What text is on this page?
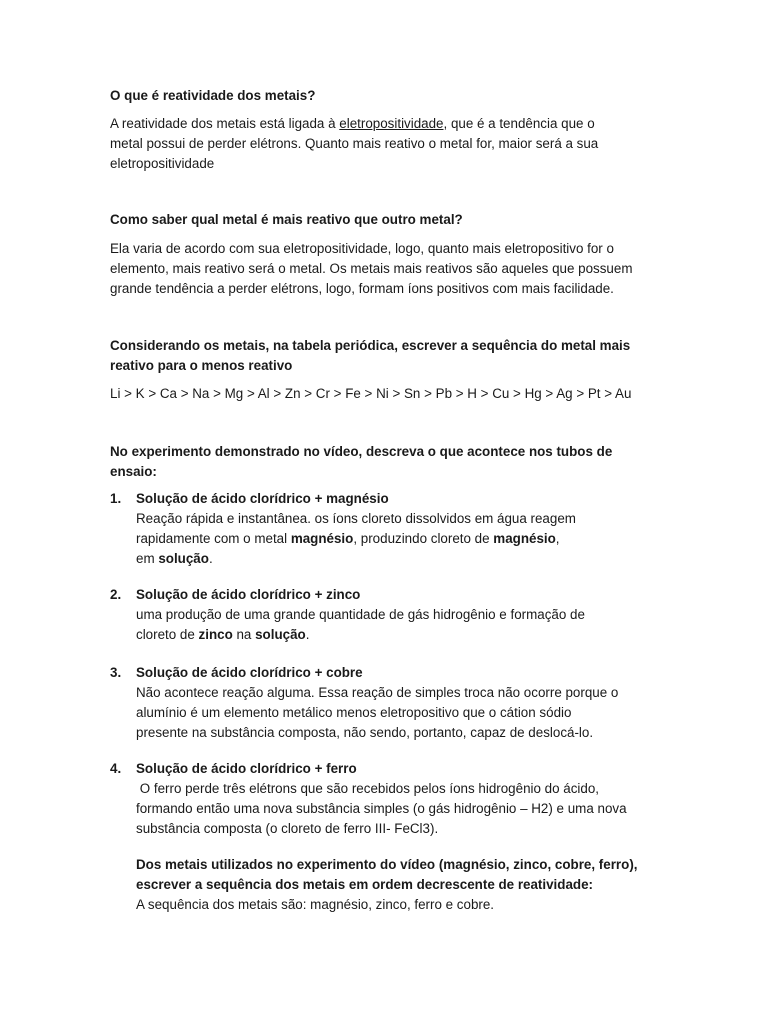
O que é reatividade dos metais?
A reatividade dos metais está ligada à eletropositividade, que é a tendência que o
metal possui de perder elétrons. Quanto mais reativo o metal for, maior será a sua
eletropositividade
Como saber qual metal é mais reativo que outro metal?
Ela varia de acordo com sua eletropositividade, logo, quanto mais eletropositivo for o
elemento, mais reativo será o metal. Os metais mais reativos são aqueles que possuem
grande tendência a perder elétrons, logo, formam íons positivos com mais facilidade.
Considerando os metais, na tabela periódica, escrever a sequência do metal mais
reativo para o menos reativo
Li > K > Ca > Na > Mg > Al > Zn > Cr > Fe > Ni > Sn > Pb > H > Cu > Hg > Ag > Pt > Au
No experimento demonstrado no vídeo, descreva o que acontece nos tubos de
ensaio:
1.	Solução de ácido clorídrico + magnésio
Reação rápida e instantânea. os íons cloreto dissolvidos em água reagem
rapidamente com o metal magnésio, produzindo cloreto de magnésio,
em solução.
2.	Solução de ácido clorídrico + zinco
uma produção de uma grande quantidade de gás hidrogênio e formação de
cloreto de zinco na solução.
3.	Solução de ácido clorídrico + cobre
Não acontece reação alguma. Essa reação de simples troca não ocorre porque o
alumínio é um elemento metálico menos eletropositivo que o cátion sódio
presente na substância composta, não sendo, portanto, capaz de deslocá-lo.
4.	Solução de ácido clorídrico + ferro
O ferro perde três elétrons que são recebidos pelos íons hidrogênio do ácido,
formando então uma nova substância simples (o gás hidrogênio – H2) e uma nova
substância composta (o cloreto de ferro III- FeCl3).
Dos metais utilizados no experimento do vídeo (magnésio, zinco, cobre, ferro),
escrever a sequência dos metais em ordem decrescente de reatividade:
A sequência dos metais são: magnésio, zinco, ferro e cobre.
